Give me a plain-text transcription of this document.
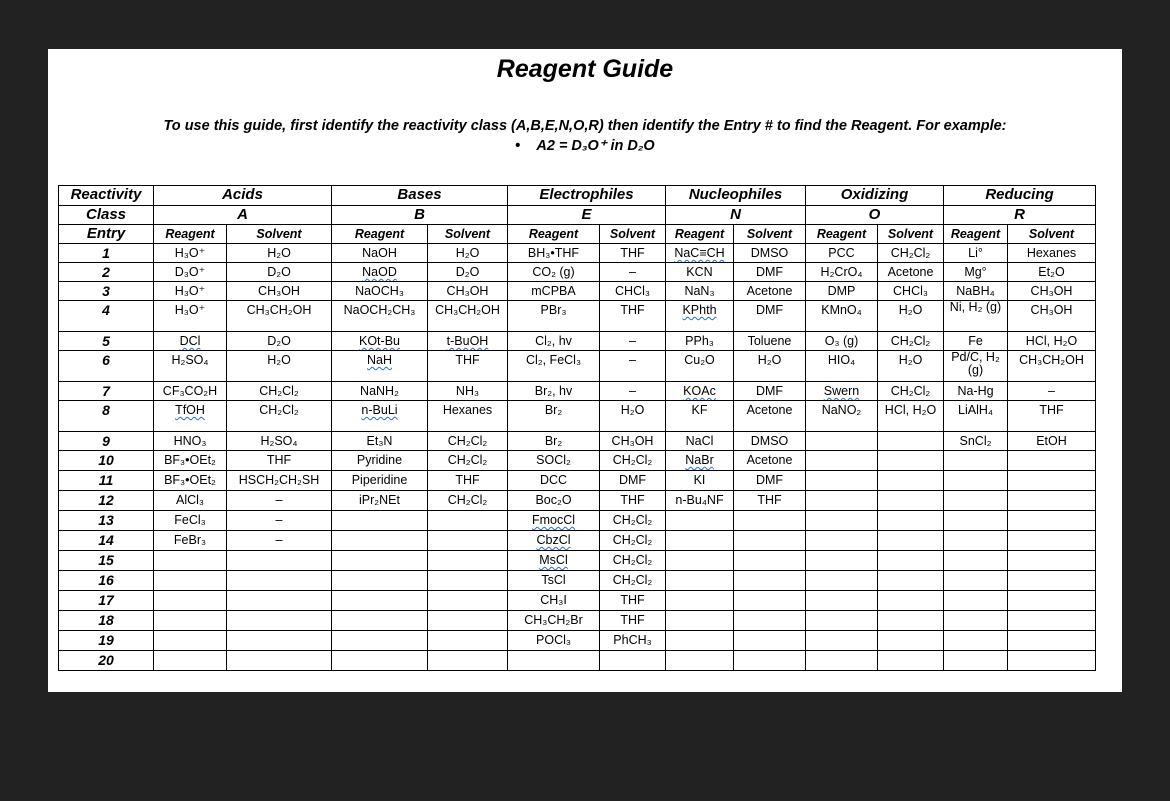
Reagent Guide
To use this guide, first identify the reactivity class (A,B,E,N,O,R) then identify the Entry # to find the Reagent. For example:
• A2 = D₃O⁺ in D₂O
Reactivity	Acids		Bases		Electrophiles		Nucleophiles		Oxidizing		Reducing	
Class	A		B		E		N		O		R	
Entry	Reagent	Solvent	Reagent	Solvent	Reagent	Solvent	Reagent	Solvent	Reagent	Solvent	Reagent	Solvent
1	H₃O⁺	H₂O	NaOH	H₂O	BH₃•THF	THF	NaC≡CH	DMSO	PCC	CH₂Cl₂	Li°	Hexanes
2	D₃O⁺	D₂O	NaOD	D₂O	CO₂ (g)	–	KCN	DMF	H₂CrO₄	Acetone	Mg°	Et₂O
3	H₃O⁺	CH₃OH	NaOCH₃	CH₃OH	mCPBA	CHCl₃	NaN₃	Acetone	DMP	CHCl₃	NaBH₄	CH₃OH
4	H₃O⁺	CH₃CH₂OH	NaOCH₂CH₃	CH₃CH₂OH	PBr₃	THF	KPhth	DMF	KMnO₄	H₂O	Ni, H₂ (g)	CH₃OH
5	DCl	D₂O	KOt-Bu	t-BuOH	Cl₂, hv	–	PPh₃	Toluene	O₃ (g)	CH₂Cl₂	Fe	HCl, H₂O
6	H₂SO₄	H₂O	NaH	THF	Cl₂, FeCl₃	–	Cu₂O	H₂O	HIO₄	H₂O	Pd/C, H₂ (g)	CH₃CH₂OH
7	CF₃CO₂H	CH₂Cl₂	NaNH₂	NH₃	Br₂, hv	–	KOAc	DMF	Swern	CH₂Cl₂	Na-Hg	–
8	TfOH	CH₂Cl₂	n-BuLi	Hexanes	Br₂	H₂O	KF	Acetone	NaNO₂	HCl, H₂O	LiAlH₄	THF
9	HNO₃	H₂SO₄	Et₃N	CH₂Cl₂	Br₂	CH₃OH	NaCl	DMSO			SnCl₂	EtOH
10	BF₃•OEt₂	THF	Pyridine	CH₂Cl₂	SOCl₂	CH₂Cl₂	NaBr	Acetone				
11	BF₃•OEt₂	HSCH₂CH₂SH	Piperidine	THF	DCC	DMF	KI	DMF				
12	AlCl₃	–	iPr₂NEt	CH₂Cl₂	Boc₂O	THF	n-Bu₄NF	THF				
13	FeCl₃	–			FmocCl	CH₂Cl₂						
14	FeBr₃	–			CbzCl	CH₂Cl₂						
15					MsCl	CH₂Cl₂						
16					TsCl	CH₂Cl₂						
17					CH₃I	THF						
18					CH₃CH₂Br	THF						
19					POCl₃	PhCH₃						
20												
